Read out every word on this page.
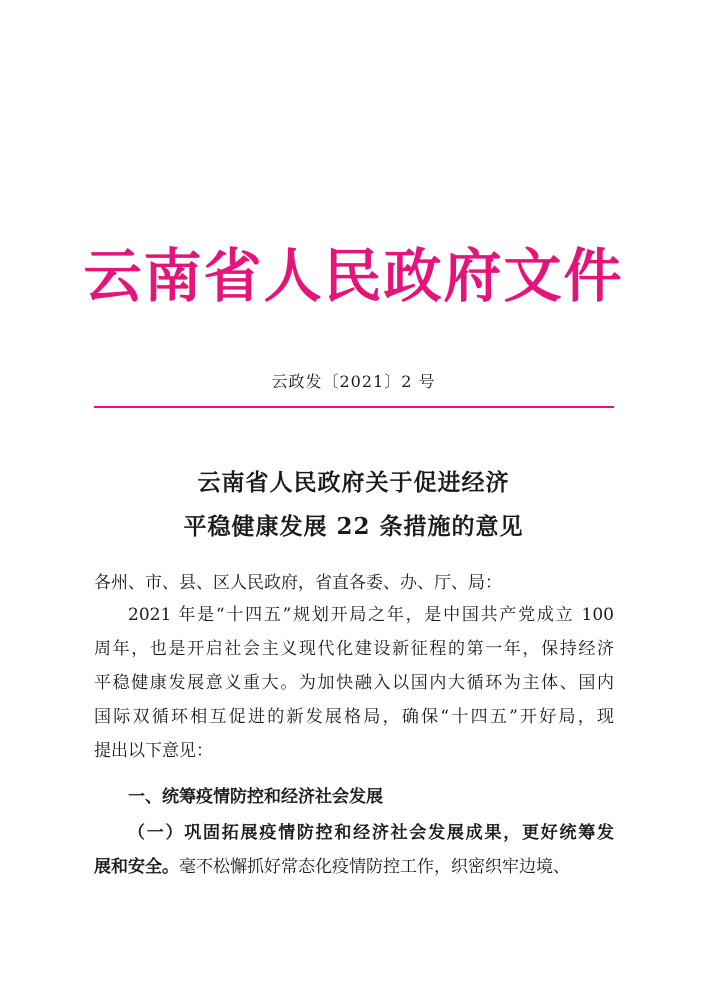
云南省人民政府文件
云政发〔2021〕2 号
云南省人民政府关于促进经济
平稳健康发展 22 条措施的意见
各州、市、县、区人民政府，省直各委、办、厅、局：
2021 年是“十四五”规划开局之年，是中国共产党成立 100
周年，也是开启社会主义现代化建设新征程的第一年，保持经济
平稳健康发展意义重大。为加快融入以国内大循环为主体、国内
国际双循环相互促进的新发展格局，确保“十四五”开好局，现
提出以下意见：
一、统筹疫情防控和经济社会发展
（一）巩固拓展疫情防控和经济社会发展成果，更好统筹发
展和安全。毫不松懈抓好常态化疫情防控工作，织密织牢边境、
